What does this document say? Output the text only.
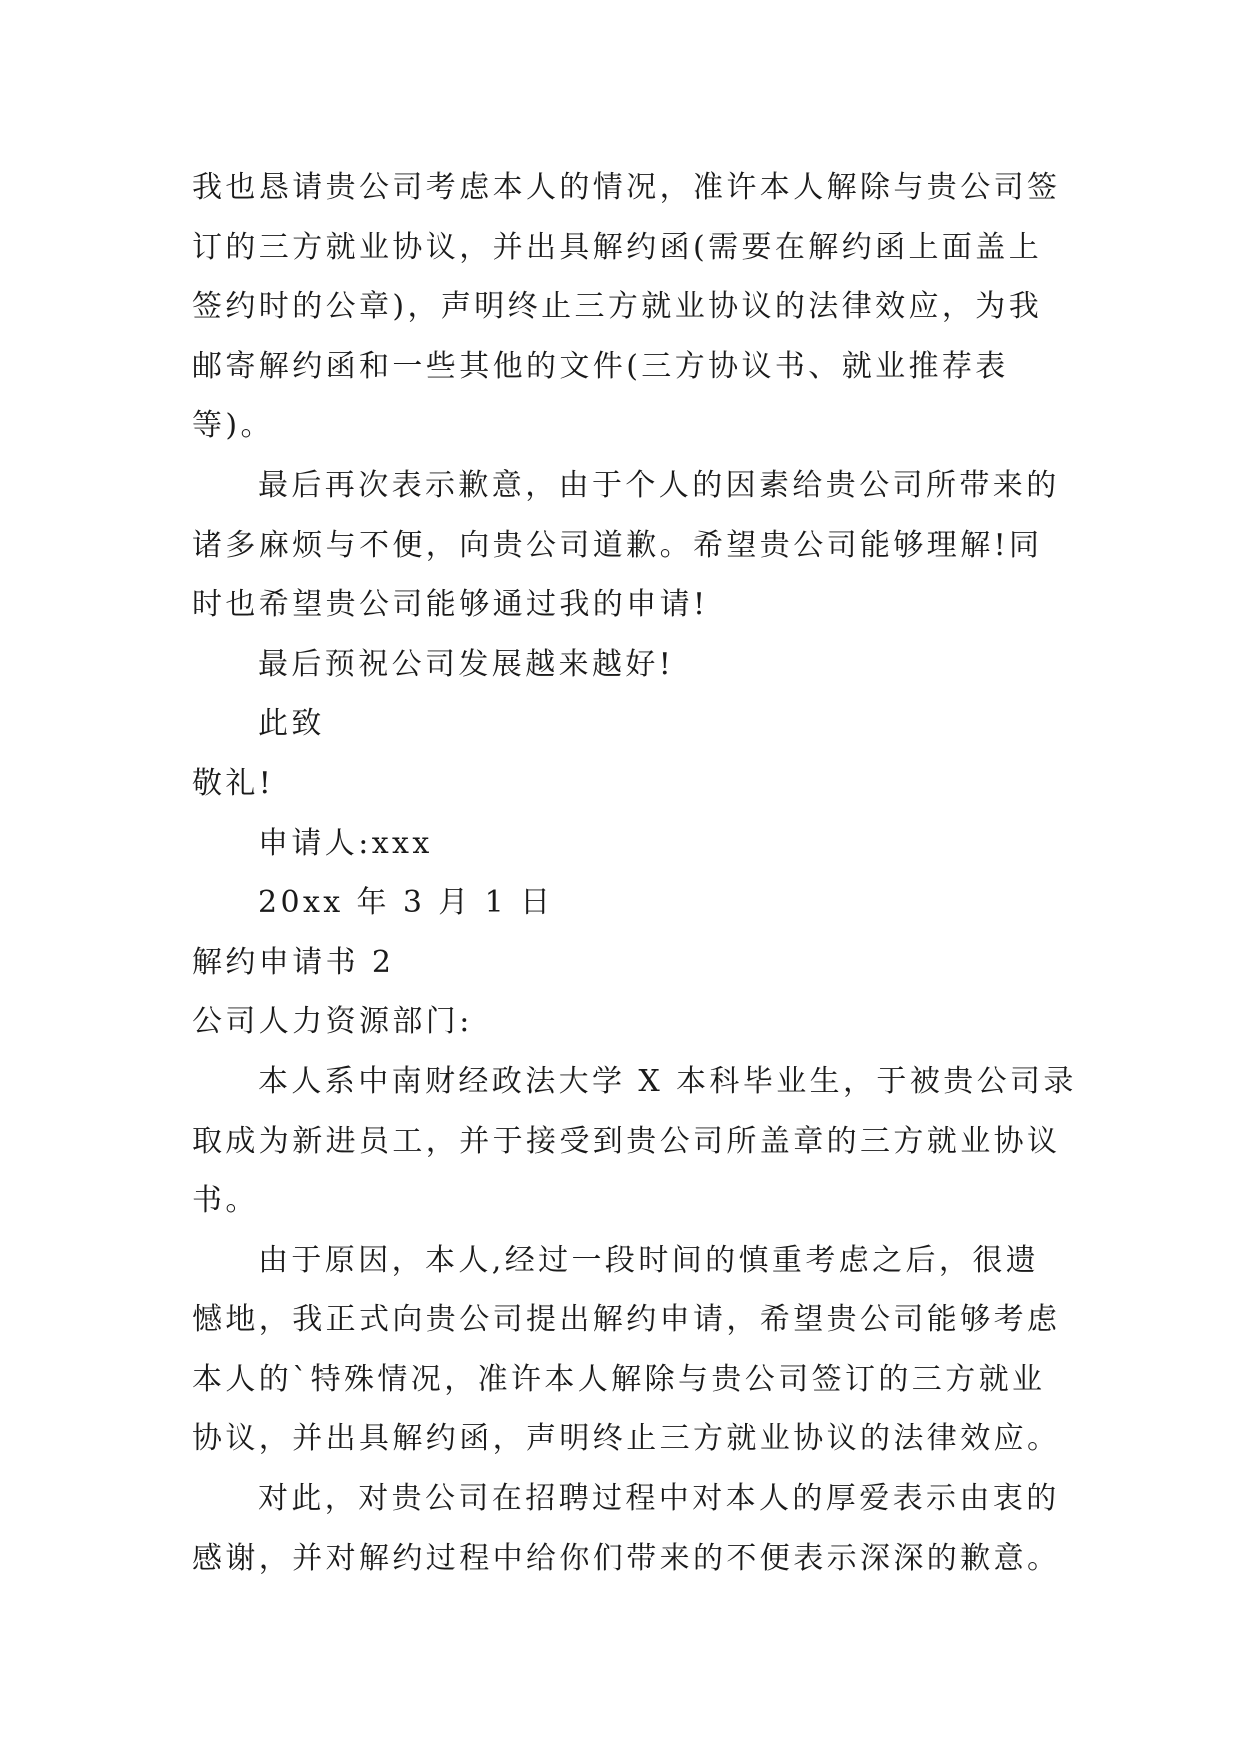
我也恳请贵公司考虑本人的情况，准许本人解除与贵公司签
订的三方就业协议，并出具解约函(需要在解约函上面盖上
签约时的公章)，声明终止三方就业协议的法律效应，为我
邮寄解约函和一些其他的文件(三方协议书、就业推荐表
等)。
最后再次表示歉意，由于个人的因素给贵公司所带来的
诸多麻烦与不便，向贵公司道歉。希望贵公司能够理解!同
时也希望贵公司能够通过我的申请!
最后预祝公司发展越来越好!
此致
敬礼!
申请人:xxx
20xx 年 3 月 1 日
解约申请书 2
公司人力资源部门:
本人系中南财经政法大学 X 本科毕业生，于被贵公司录
取成为新进员工，并于接受到贵公司所盖章的三方就业协议
书。
由于原因，本人,经过一段时间的慎重考虑之后，很遗
憾地，我正式向贵公司提出解约申请，希望贵公司能够考虑
本人的`特殊情况，准许本人解除与贵公司签订的三方就业
协议，并出具解约函，声明终止三方就业协议的法律效应。
对此，对贵公司在招聘过程中对本人的厚爱表示由衷的
感谢，并对解约过程中给你们带来的不便表示深深的歉意。
